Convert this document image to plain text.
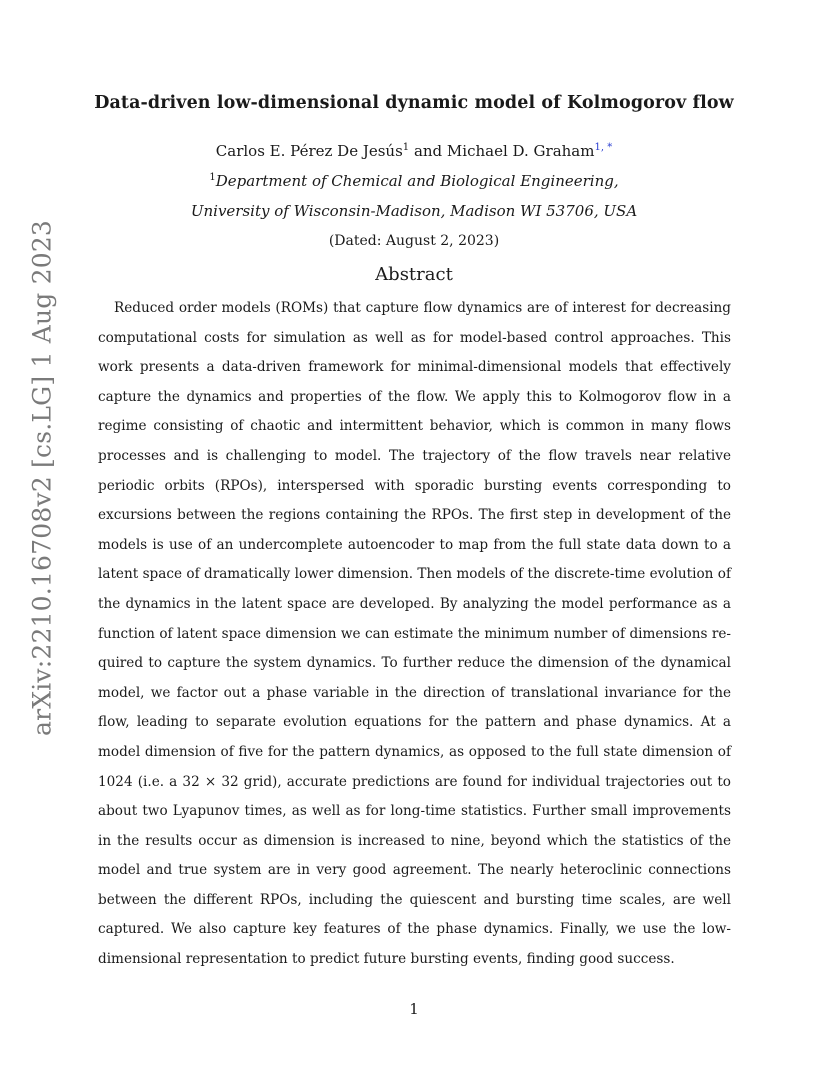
arXiv:2210.16708v2 [cs.LG] 1 Aug 2023
Data-driven low-dimensional dynamic model of Kolmogorov flow
Carlos E. Pérez De Jesús$^1$ and Michael D. Graham$^{1, *}$
$^1$Department of Chemical and Biological Engineering,
University of Wisconsin-Madison, Madison WI 53706, USA
(Dated: August 2, 2023)
Abstract

Reduced order models (ROMs) that capture flow dynamics are of interest for decreasing computational costs for simulation as well as for model-based control approaches. This work presents a data-driven framework for minimal-dimensional models that effectively capture the dynamics and properties of the flow. We apply this to Kolmogorov flow in a regime consisting of chaotic and intermittent behavior, which is common in many flows processes and is challenging to model. The trajectory of the flow travels near relative periodic orbits (RPOs), interspersed with sporadic bursting events corresponding to excursions between the regions containing the RPOs. The first step in development of the models is use of an undercomplete autoencoder to map from the full state data down to a latent space of dramatically lower dimension. Then models of the discrete-time evolution of the dynamics in the latent space are developed. By analyzing the model performance as a function of latent space dimension we can estimate the minimum number of dimensions required to capture the system dynamics. To further reduce the dimension of the dynamical model, we factor out a phase variable in the direction of translational invariance for the flow, leading to separate evolution equations for the pattern and phase dynamics. At a model dimension of five for the pattern dynamics, as opposed to the full state dimension of 1024 (i.e. a 32 × 32 grid), accurate predictions are found for individual trajectories out to about two Lyapunov times, as well as for long-time statistics. Further small improvements in the results occur as dimension is increased to nine, beyond which the statistics of the model and true system are in very good agreement. The nearly heteroclinic connections between the different RPOs, including the quiescent and bursting time scales, are well captured. We also capture key features of the phase dynamics. Finally, we use the low-dimensional representation to predict future bursting events, finding good success.

1
